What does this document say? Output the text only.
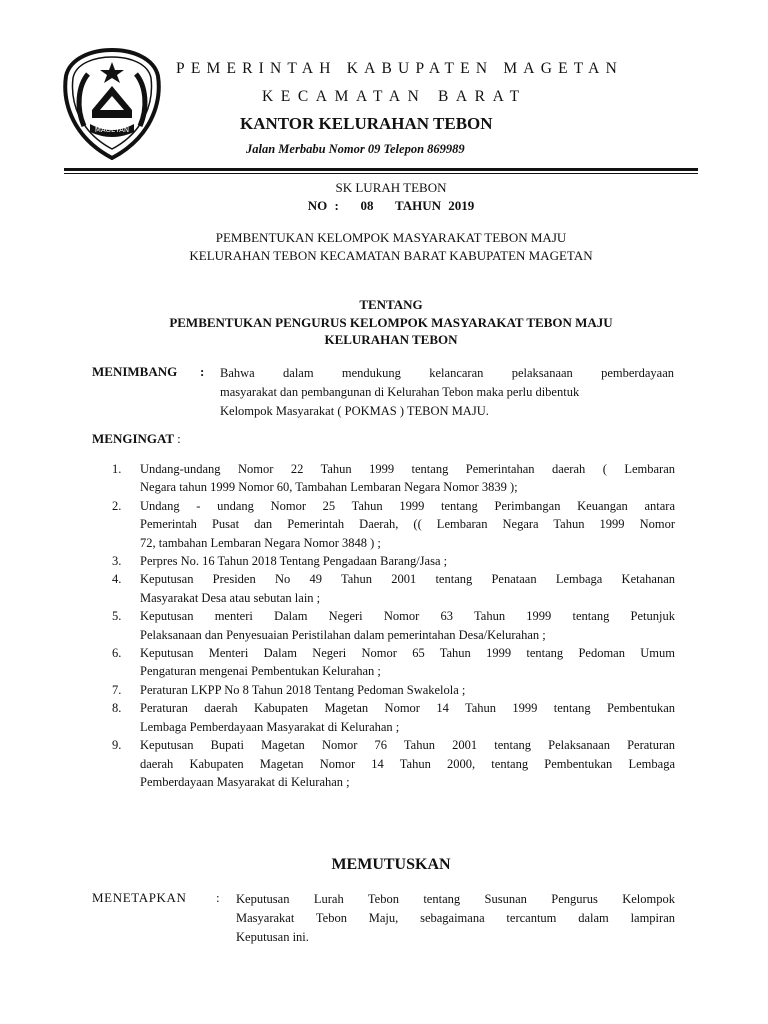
MAGETAN
PEMERINTAH KABUPATEN MAGETAN
KECAMATAN BARAT
KANTOR KELURAHAN TEBON
Jalan Merbabu Nomor 09 Telepon 869989
SK LURAH TEBON
NO :   08   TAHUN 2019
PEMBENTUKAN KELOMPOK MASYARAKAT TEBON MAJU
KELURAHAN TEBON KECAMATAN BARAT KABUPATEN MAGETAN
TENTANG
PEMBENTUKAN PENGURUS KELOMPOK MASYARAKAT TEBON MAJU
KELURAHAN TEBON
MENIMBANG : Bahwa dalam mendukung kelancaran pelaksanaan pemberdayaan
masyarakat dan pembangunan di Kelurahan Tebon maka perlu dibentuk
Kelompok Masyarakat ( POKMAS ) TEBON MAJU.
MENGINGAT :
1. Undang-undang Nomor 22 Tahun 1999 tentang Pemerintahan daerah ( Lembaran
Negara tahun 1999 Nomor 60, Tambahan Lembaran Negara Nomor 3839 );
2. Undang - undang Nomor 25 Tahun 1999 tentang Perimbangan Keuangan antara
Pemerintah Pusat dan Pemerintah Daerah, (( Lembaran Negara Tahun 1999 Nomor
72, tambahan Lembaran Negara Nomor 3848 ) ;
3. Perpres No. 16 Tahun 2018 Tentang Pengadaan Barang/Jasa ;
4. Keputusan Presiden No 49 Tahun 2001 tentang Penataan Lembaga Ketahanan
Masyarakat Desa atau sebutan lain ;
5. Keputusan menteri Dalam Negeri Nomor 63 Tahun 1999 tentang Petunjuk
Pelaksanaan dan Penyesuaian Peristilahan dalam pemerintahan Desa/Kelurahan ;
6. Keputusan Menteri Dalam Negeri Nomor 65 Tahun 1999 tentang Pedoman Umum
Pengaturan mengenai Pembentukan Kelurahan ;
7. Peraturan LKPP No 8 Tahun 2018 Tentang Pedoman Swakelola ;
8. Peraturan daerah Kabupaten Magetan Nomor 14 Tahun 1999 tentang Pembentukan
Lembaga Pemberdayaan Masyarakat di Kelurahan ;
9. Keputusan Bupati Magetan Nomor 76 Tahun 2001 tentang Pelaksanaan Peraturan
daerah Kabupaten Magetan Nomor 14 Tahun 2000, tentang Pembentukan Lembaga
Pemberdayaan Masyarakat di Kelurahan ;
MEMUTUSKAN
MENETAPKAN : Keputusan Lurah Tebon tentang Susunan Pengurus Kelompok
Masyarakat Tebon Maju, sebagaimana tercantum dalam lampiran
Keputusan ini.
